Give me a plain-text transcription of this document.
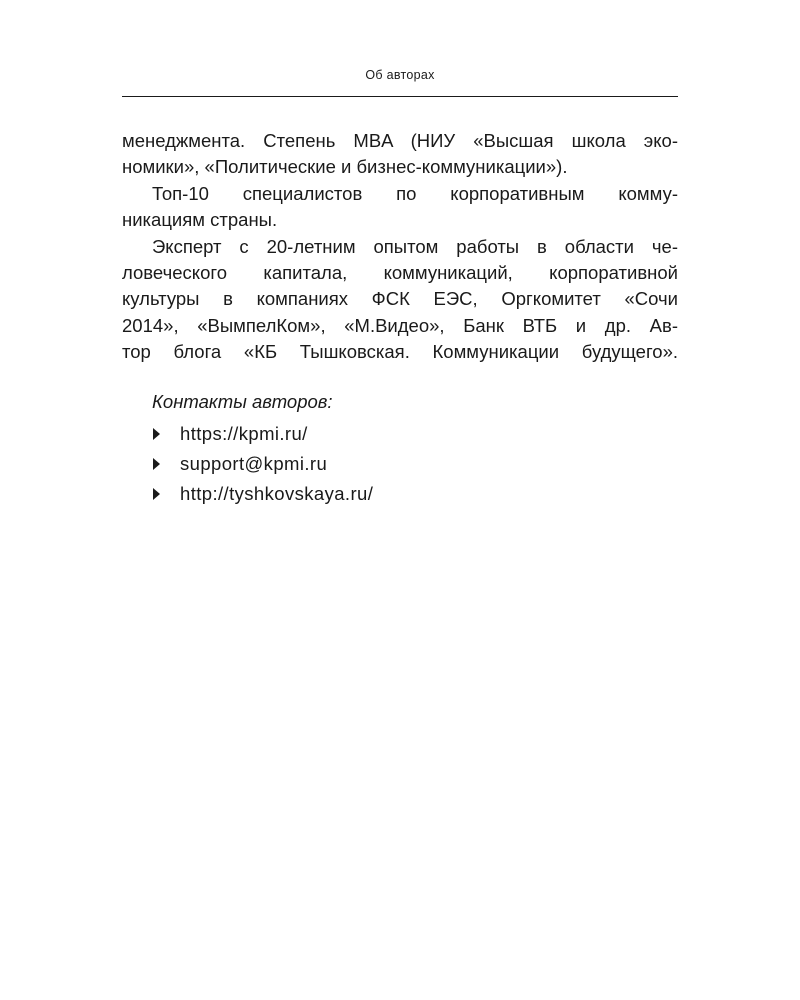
Об авторах
менеджмента. Степень MBA (НИУ «Высшая школа эко-
номики», «Политические и бизнес-коммуникации»).
Топ-10 специалистов по корпоративным комму-
никациям страны.
Эксперт с 20-летним опытом работы в области че-
ловеческого капитала, коммуникаций, корпоративной
культуры в компаниях ФСК ЕЭС, Оргкомитет «Сочи
2014», «ВымпелКом», «М.Видео», Банк ВТБ и др. Ав-
тор блога «КБ Тышковская. Коммуникации будущего».
Контакты авторов:
https://kpmi.ru/
support@kpmi.ru
http://tyshkovskaya.ru/
